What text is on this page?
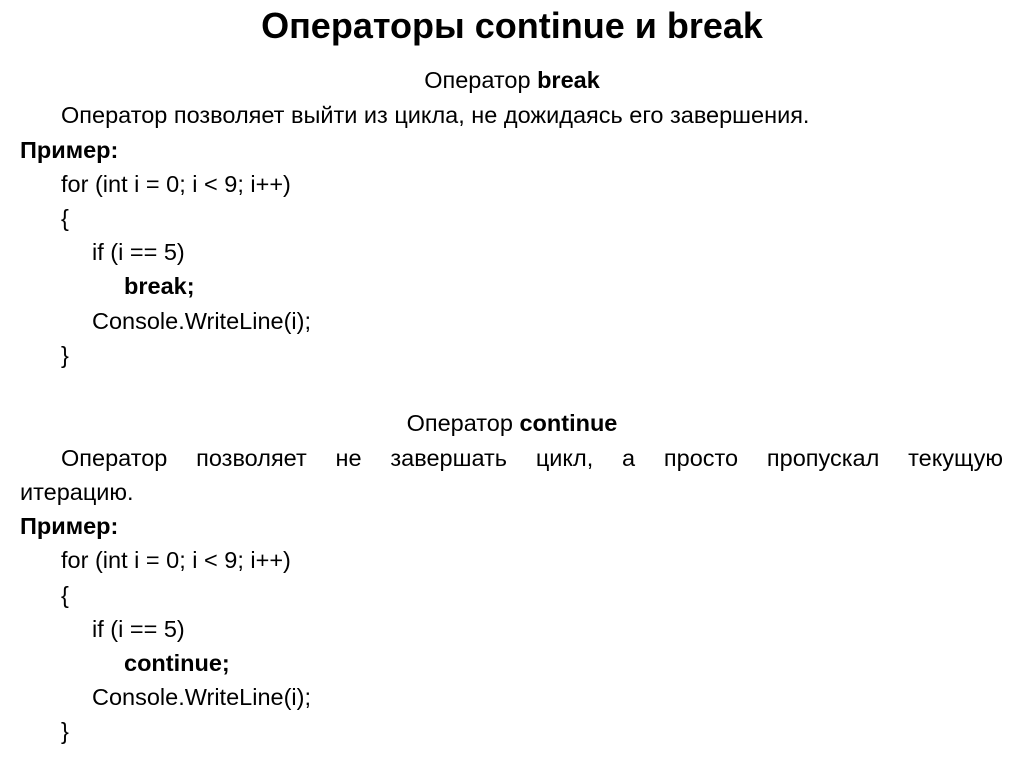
Операторы continue и break
Оператор break
Оператор позволяет выйти из цикла, не дожидаясь его завершения.
Пример:
for (int i = 0; i < 9; i++)
{
if (i == 5)
break;
Console.WriteLine(i);
}
Оператор continue
Оператор позволяет не завершать цикл, а просто пропускал текущую
итерацию.
Пример:
for (int i = 0; i < 9; i++)
{
if (i == 5)
continue;
Console.WriteLine(i);
}
